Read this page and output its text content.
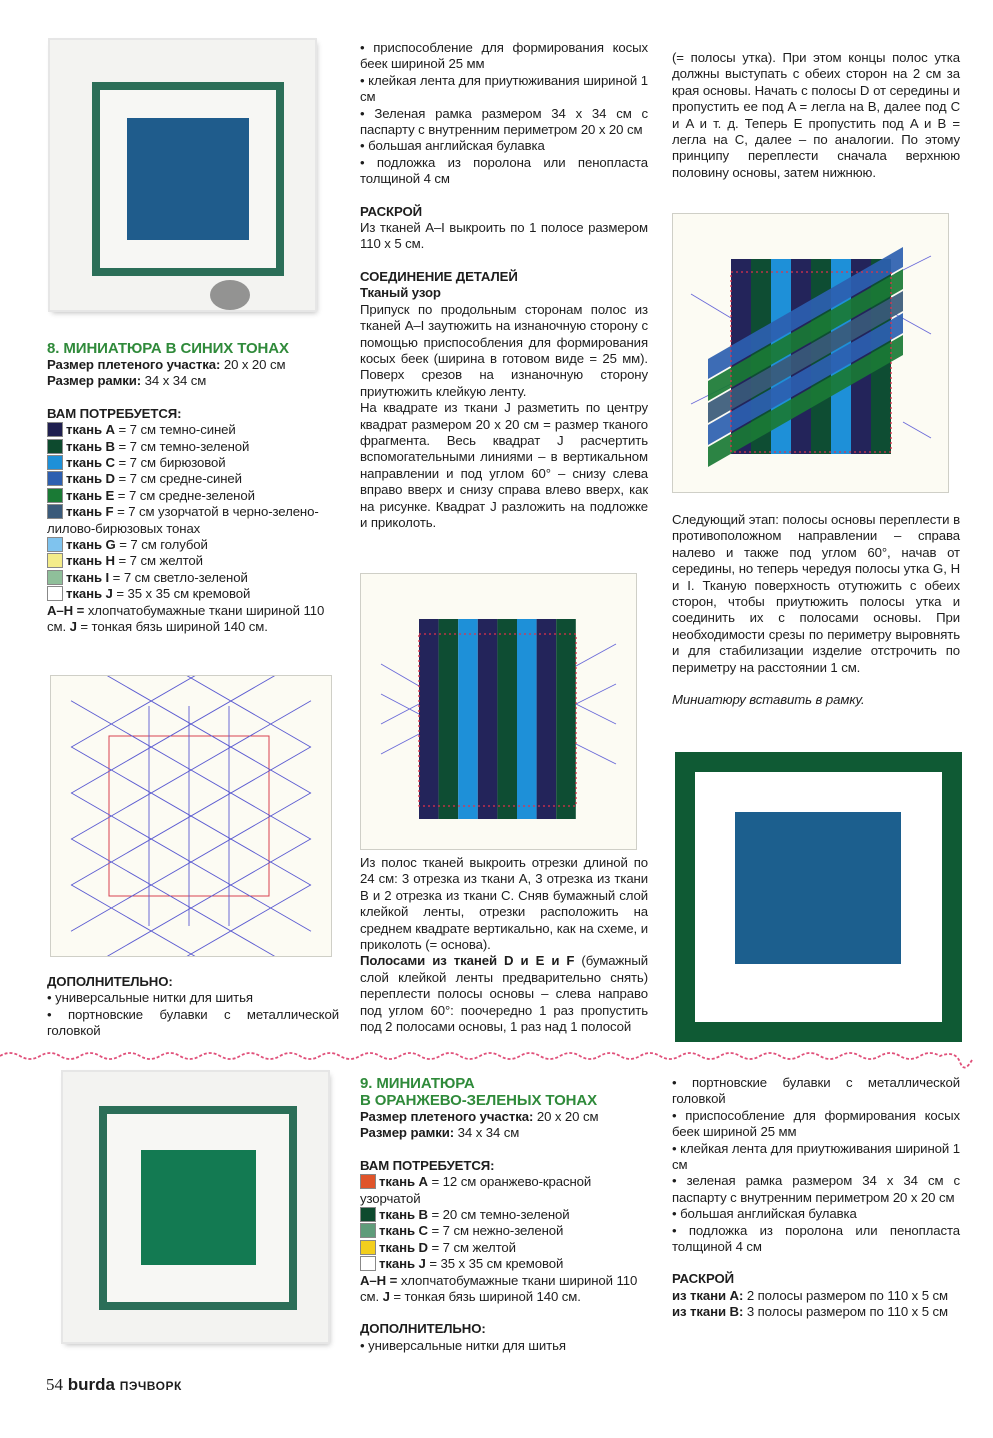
8. МИНИАТЮРА В СИНИХ ТОНАХ

Размер плетеного участка: 20 х 20 см

Размер рамки: 34 х 34 см

ВАМ ПОТРЕБУЕТСЯ:

ткань A = 7 см темно-синей

ткань B = 7 см темно-зеленой

ткань C = 7 см бирюзовой

ткань D = 7 см средне-синей

ткань E = 7 см средне-зеленой

ткань F = 7 см узорчатой в черно-зелено-лилово-бирюзовых тонах

ткань G = 7 см голубой

ткань H = 7 см желтой

ткань I = 7 см светло-зеленой

ткань J = 35 х 35 см кремовой

A–H = хлопчатобумажные ткани шириной 110 см. J = тонкая бязь шириной 140 см.

ДОПОЛНИТЕЛЬНО:

• универсальные нитки для шитья

• портновские булавки с металлической головкой

• приспособление для формирования косых беек шириной 25 мм

• клейкая лента для приутюживания шириной 1 см

• Зеленая рамка размером 34 х 34 см с паспарту с внутренним периметром 20 х 20 см

• большая английская булавка

• подложка из поролона или пенопласта толщиной 4 см

РАСКРОЙ

Из тканей A–I выкроить по 1 полосе размером 110 х 5 см.

СОЕДИНЕНИЕ ДЕТАЛЕЙ

Тканый узор

Припуск по продольным сторонам полос из тканей A–I заутюжить на изнаночную сторону с помощью приспособления для формирования косых беек (ширина в готовом виде = 25 мм). Поверх срезов на изнаночную сторону приутюжить клейкую ленту.

На квадрате из ткани J разметить по центру квадрат размером 20 х 20 см = размер тканого фрагмента. Весь квадрат J расчертить вспомогательными линиями – в вертикальном направлении и под углом 60° – снизу слева вправо вверх и снизу справа влево вверх, как на рисунке. Квадрат J разложить на подложке и приколоть.

Из полос тканей выкроить отрезки длиной по 24 см: 3 отрезка из ткани A, 3 отрезка из ткани B и 2 отрезка из ткани C. Сняв бумажный слой клейкой ленты, отрезки расположить на среднем квадрате вертикально, как на схеме, и приколоть (= основа).

Полосами из тканей D и E и F (бумажный слой клейкой ленты предварительно снять) переплести полосы основы – слева направо под углом 60°: поочередно 1 раз пропустить под 2 полосами основы, 1 раз над 1 полосой

(= полосы утка). При этом концы полос утка должны выступать с обеих сторон на 2 см за края основы. Начать с полосы D от середины и пропустить ее под A = легла на B, далее под C и A и т. д. Теперь E пропустить под A и B = легла на C, далее – по аналогии. По этому принципу переплести сначала верхнюю половину основы, затем нижнюю.

Следующий этап: полосы основы переплести в противоположном направлении – справа налево и также под углом 60°, начав от середины, но теперь чередуя полосы утка G, H и I. Тканую поверхность отутюжить с обеих сторон, чтобы приутюжить полосы утка и соединить их с полосами основы. При необходимости срезы по периметру выровнять и для стабилизации изделие отстрочить по периметру на расстоянии 1 см.

Миниатюру вставить в рамку.

9. МИНИАТЮРА
В ОРАНЖЕВО-ЗЕЛЕНЫХ ТОНАХ

Размер плетеного участка: 20 х 20 см

Размер рамки: 34 х 34 см

ВАМ ПОТРЕБУЕТСЯ:

ткань A = 12 см оранжево-красной узорчатой

ткань B = 20 см темно-зеленой

ткань C = 7 см нежно-зеленой

ткань D = 7 см желтой

ткань J = 35 х 35 см кремовой

A–H = хлопчатобумажные ткани шириной 110 см. J = тонкая бязь шириной 140 см.

ДОПОЛНИТЕЛЬНО:

• универсальные нитки для шитья

• портновские булавки с металлической головкой

• приспособление для формирования косых беек шириной 25 мм

• клейкая лента для приутюживания шириной 1 см

• зеленая рамка размером 34 х 34 см с паспарту с внутренним периметром 20 х 20 см

• большая английская булавка

• подложка из поролона или пенопласта толщиной 4 см

РАСКРОЙ

из ткани A: 2 полосы размером по 110 х 5 см

из ткани B: 3 полосы размером по 110 х 5 см

54 burda ПЭЧВОРК
